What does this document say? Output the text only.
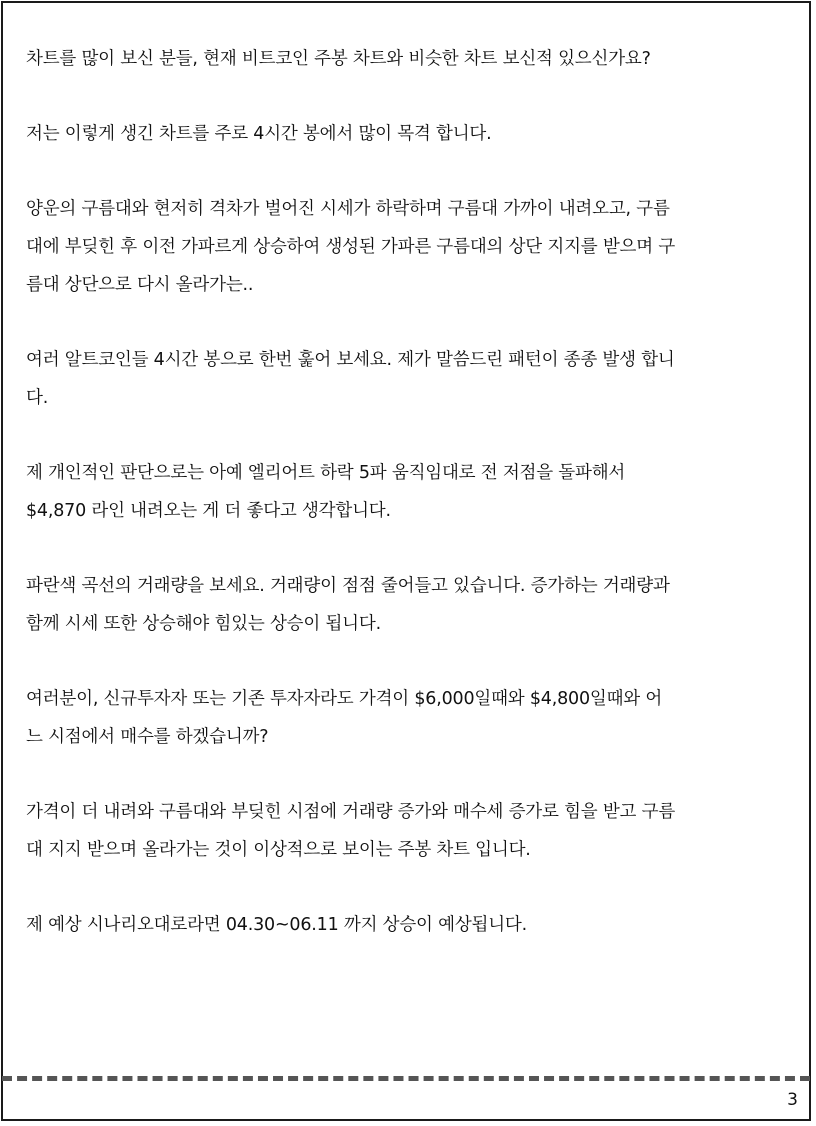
차트를 많이 보신 분들, 현재 비트코인 주봉 차트와 비슷한 차트 보신적 있으신가요?

저는 이렇게 생긴 차트를 주로 4시간 봉에서 많이 목격 합니다.

양운의 구름대와 현저히 격차가 벌어진 시세가 하락하며 구름대 가까이 내려오고, 구름
대에 부딪힌 후 이전 가파르게 상승하여 생성된 가파른 구름대의 상단 지지를 받으며 구
름대 상단으로 다시 올라가는..

여러 알트코인들 4시간 봉으로 한번 훑어 보세요. 제가 말씀드린 패턴이 종종 발생 합니
다.

제 개인적인 판단으로는 아예 엘리어트 하락 5파 움직임대로 전 저점을 돌파해서
$4,870 라인 내려오는 게 더 좋다고 생각합니다.

파란색 곡선의 거래량을 보세요. 거래량이 점점 줄어들고 있습니다. 증가하는 거래량과
함께 시세 또한 상승해야 힘있는 상승이 됩니다.

여러분이, 신규투자자 또는 기존 투자자라도 가격이 $6,000일때와 $4,800일때와 어
느 시점에서 매수를 하겠습니까?

가격이 더 내려와 구름대와 부딪힌 시점에 거래량 증가와 매수세 증가로 힘을 받고 구름
대 지지 받으며 올라가는 것이 이상적으로 보이는 주봉 차트 입니다.

제 예상 시나리오대로라면 04.30~06.11 까지 상승이 예상됩니다.

3
